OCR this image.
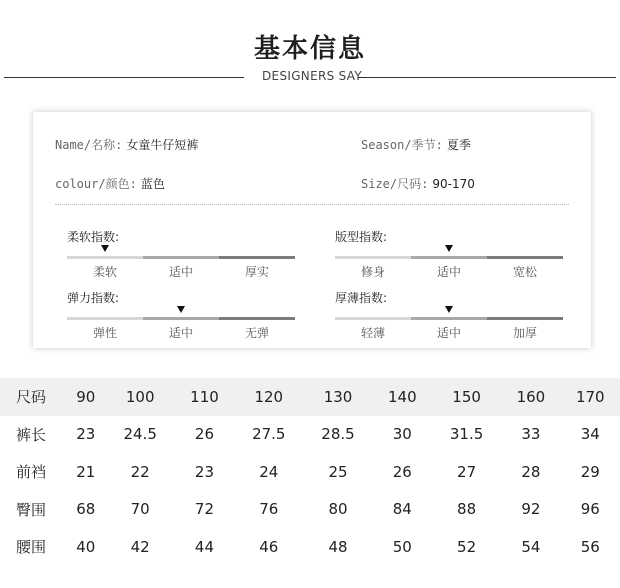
基本信息
DESIGNERS SAY
Name/名称: 女童牛仔短裤	Season/季节: 夏季
colour/颜色: 蓝色	Size/尺码: 90-170
柔软指数:
柔软	适中	厚实
版型指数:
修身	适中	宽松
弹力指数:
弹性	适中	无弹
厚薄指数:
轻薄	适中	加厚
尺码	90	100	110	120	130	140	150	160	170
裤长	23	24.5	26	27.5	28.5	30	31.5	33	34
前裆	21	22	23	24	25	26	27	28	29
臀围	68	70	72	76	80	84	88	92	96
腰围	40	42	44	46	48	50	52	54	56
